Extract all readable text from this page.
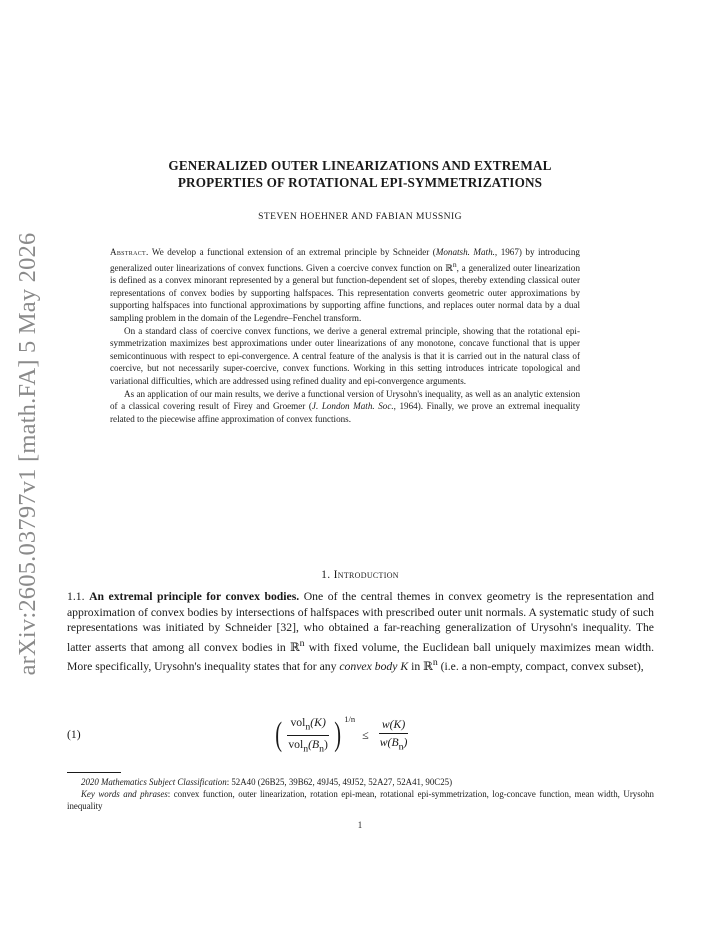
arXiv:2605.03797v1 [math.FA] 5 May 2026
GENERALIZED OUTER LINEARIZATIONS AND EXTREMAL
PROPERTIES OF ROTATIONAL EPI-SYMMETRIZATIONS
STEVEN HOEHNER AND FABIAN MUSSNIG

Abstract. We develop a functional extension of an extremal principle by Schneider (Monatsh. Math., 1967) by introducing generalized outer linearizations of convex functions. Given a coercive convex function on ℝ$^n$, a generalized outer linearization is defined as a convex minorant represented by a general but function-dependent set of slopes, thereby extending classical outer representations of convex bodies by supporting halfspaces. This representation converts geometric outer approximations by supporting halfspaces into functional approximations by supporting affine functions, and replaces outer normal data by a dual sampling problem in the domain of the Legendre–Fenchel transform.

On a standard class of coercive convex functions, we derive a general extremal principle, showing that the rotational epi-symmetrization maximizes best approximations under outer linearizations of any monotone, concave functional that is upper semicontinuous with respect to epi-convergence. A central feature of the analysis is that it is carried out in the natural class of coercive, but not necessarily super-coercive, convex functions. Working in this setting introduces intricate topological and variational difficulties, which are addressed using refined duality and epi-convergence arguments.

As an application of our main results, we derive a functional version of Urysohn's inequality, as well as an analytic extension of a classical covering result of Firey and Groemer (J. London Math. Soc., 1964). Finally, we prove an extremal inequality related to the piecewise affine approximation of convex functions.

1. Introduction

1.1. An extremal principle for convex bodies. One of the central themes in convex geometry is the representation and approximation of convex bodies by intersections of halfspaces with prescribed outer unit normals. A systematic study of such representations was initiated by Schneider [32], who obtained a far-reaching generalization of Urysohn's inequality. The latter asserts that among all convex bodies in ℝ$^n$ with fixed volume, the Euclidean ball uniquely maximizes mean width. More specifically, Urysohn's inequality states that for any convex body K in ℝ$^n$ (i.e. a non-empty, compact, convex subset),

(1)	( $\frac{vol_n(K)}{vol_n(B_n)}$ ) 1/n
≤ $\frac{w(K)}{w(B_n)}$

2020 Mathematics Subject Classification: 52A40 (26B25, 39B62, 49J45, 49J52, 52A27, 52A41, 90C25)

Key words and phrases: convex function, outer linearization, rotation epi-mean, rotational epi-symmetrization, log-concave function, mean width, Urysohn inequality

1
